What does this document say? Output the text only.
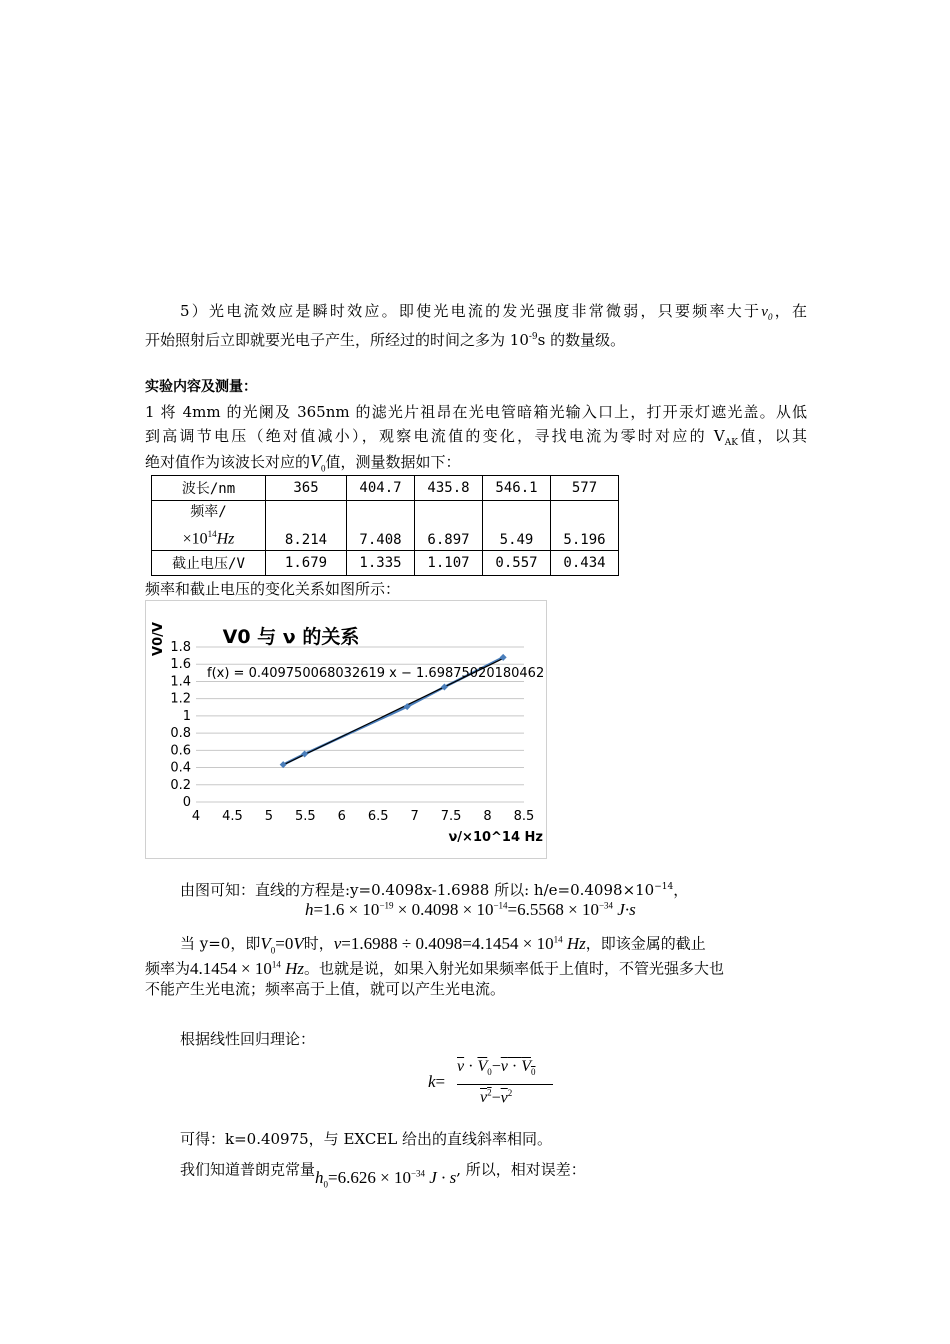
5）光电流效应是瞬时效应。即使光电流的发光强度非常微弱，只要频率大于$\nu_0$，在
开始照射后立即就要光电子产生，所经过的时间之多为 $10^{-9}s$ 的数量级。
实验内容及测量：
1 将 4mm 的光阑及 365nm 的滤光片祖昂在光电管暗箱光输入口上，打开汞灯遮光盖。从低
到高调节电压（绝对值减小），观察电流值的变化，寻找电流为零时对应的 $V_{AK}$值，以其
绝对值作为该波长对应的$V_0$值，测量数据如下：
波长/nm	365	404.7	435.8	546.1	577

频率/
$\times 10^{14}Hz$	8.214	7.408	6.897	5.49	5.196
截止电压/V	1.679	1.335	1.107	0.557	0.434
频率和截止电压的变化关系如图所示：
V0 与 ν 的关系
V0/V
ν/×10^14 Hz
0
0.2
0.4
0.6
0.8
1
1.2
1.4
1.6
1.8
4 4.5 5 5.5 6 6.5 7 7.5 8 8.5
f(x) = 0.409750068032619 x − 1.69875020180462
由图可知：直线的方程是:y=0.4098x-1.6988 所以: $h/e=0.4098\times 10^{-14}$，
$h=1.6 \times 10^{-19} \times 0.4098 \times 10^{-14}=6.5568 \times 10^{-34}$ J·s
当 y=0，即$V_0=0V$时，$\nu=1.6988 \div 0.4098=4.1454 \times 10^{14}$ Hz，即该金属的截止
频率为$4.1454 \times 10^{14}$ Hz。也就是说，如果入射光如果频率低于上值时，不管光强多大也
不能产生光电流；频率高于上值，就可以产生光电流。
根据线性回归理论：
k=
$\overline{\nu} \cdot \overline{V}_0-\nu \cdot V_0$
$\nu^2-\overline{\nu}^2$
可得：k=0.40975，与 EXCEL 给出的直线斜率相同。
我们知道普朗克常量$h_0=6.626 \times 10^{-34}$ J · s, 所以，相对误差：
